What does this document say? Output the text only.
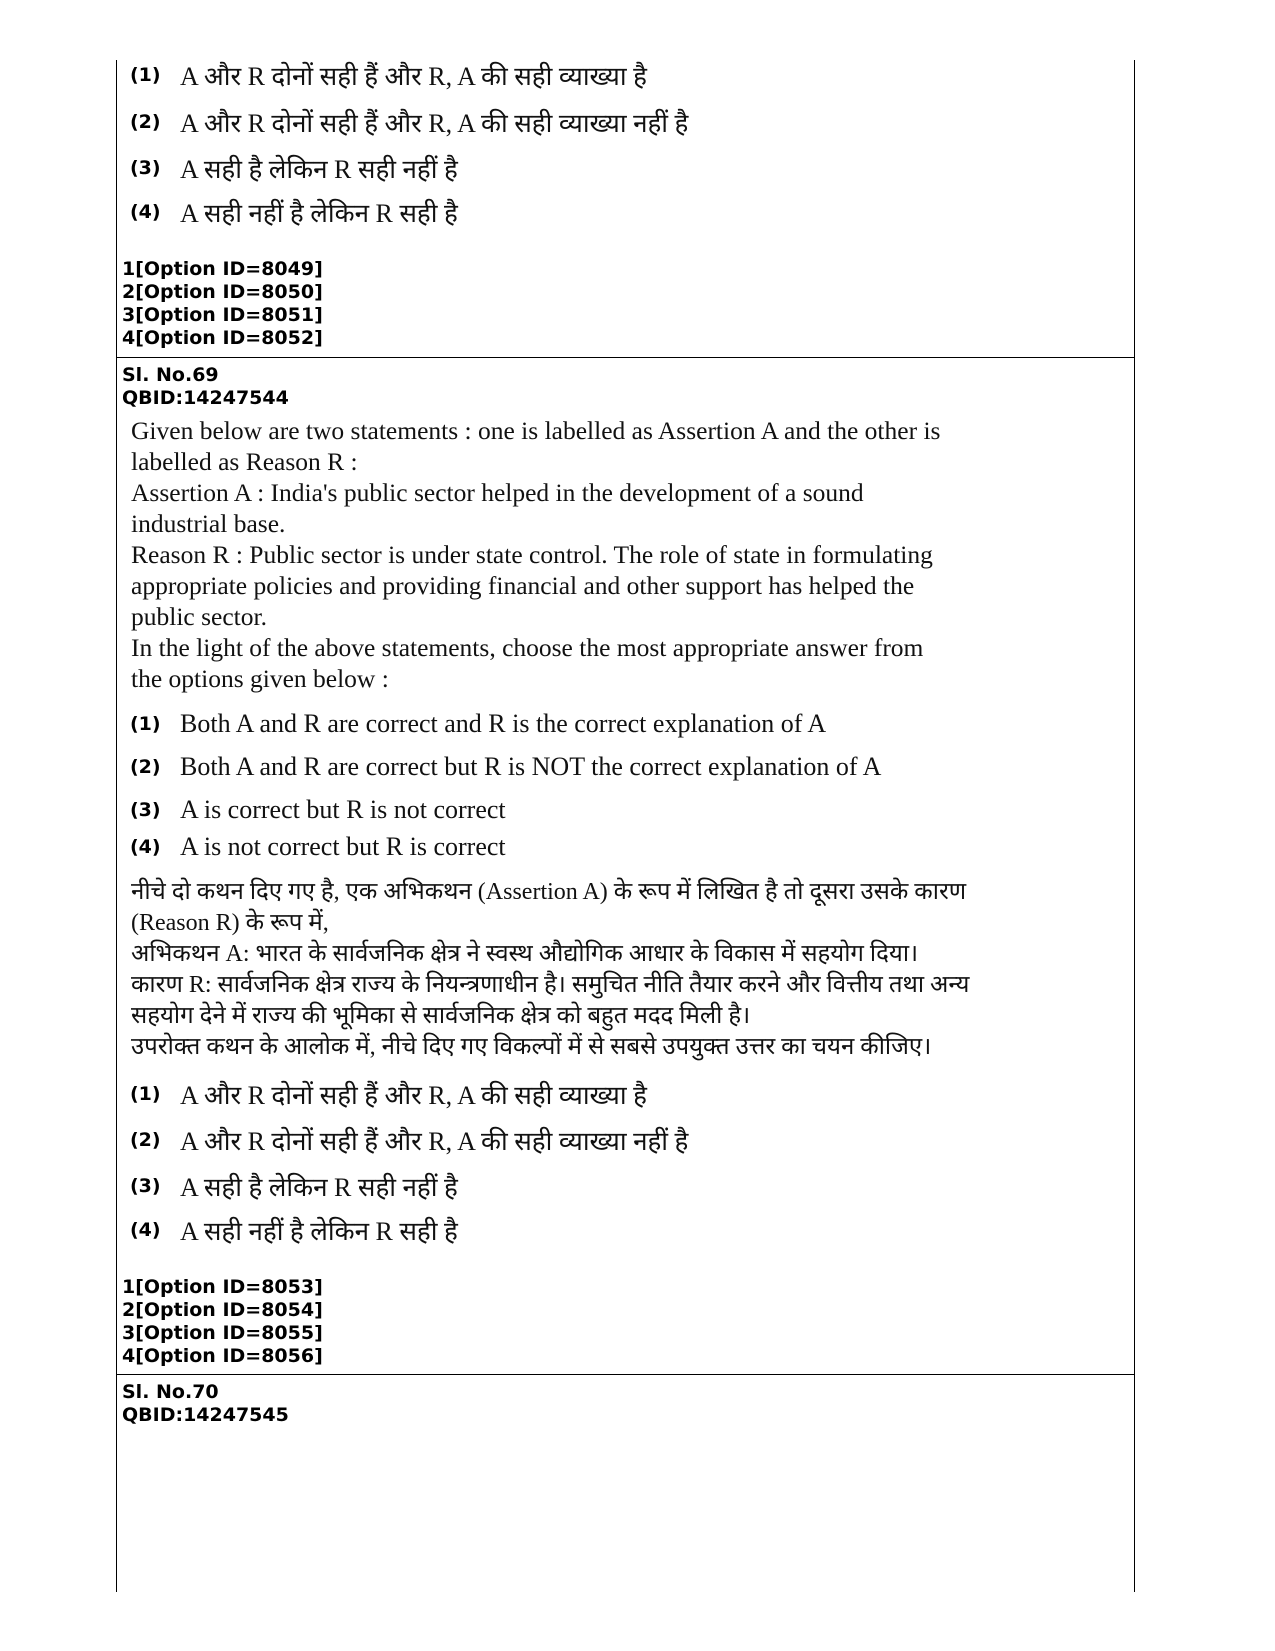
(1) A और R दोनों सही हैं और R, A की सही व्याख्या है
(2) A और R दोनों सही हैं और R, A की सही व्याख्या नहीं है
(3) A सही है लेकिन R सही नहीं है
(4) A सही नहीं है लेकिन R सही है
1[Option ID=8049]
2[Option ID=8050]
3[Option ID=8051]
4[Option ID=8052]
Sl. No.69
QBID:14247544
Given below are two statements : one is labelled as Assertion A and the other is
labelled as Reason R :
Assertion A : India's public sector helped in the development of a sound
industrial base.
Reason R : Public sector is under state control. The role of state in formulating
appropriate policies and providing financial and other support has helped the
public sector.
In the light of the above statements, choose the most appropriate answer from
the options given below :
(1) Both A and R are correct and R is the correct explanation of A
(2) Both A and R are correct but R is NOT the correct explanation of A
(3) A is correct but R is not correct
(4) A is not correct but R is correct
नीचे दो कथन दिए गए है, एक अभिकथन (Assertion A) के रूप में लिखित है तो दूसरा उसके कारण
(Reason R) के रूप में,
अभिकथन A: भारत के सार्वजनिक क्षेत्र ने स्वस्थ औद्योगिक आधार के विकास में सहयोग दिया।
कारण R: सार्वजनिक क्षेत्र राज्य के नियन्त्रणाधीन है। समुचित नीति तैयार करने और वित्तीय तथा अन्य
सहयोग देने में राज्य की भूमिका से सार्वजनिक क्षेत्र को बहुत मदद मिली है।
उपरोक्त कथन के आलोक में, नीचे दिए गए विकल्पों में से सबसे उपयुक्त उत्तर का चयन कीजिए।
(1) A और R दोनों सही हैं और R, A की सही व्याख्या है
(2) A और R दोनों सही हैं और R, A की सही व्याख्या नहीं है
(3) A सही है लेकिन R सही नहीं है
(4) A सही नहीं है लेकिन R सही है
1[Option ID=8053]
2[Option ID=8054]
3[Option ID=8055]
4[Option ID=8056]
Sl. No.70
QBID:14247545
